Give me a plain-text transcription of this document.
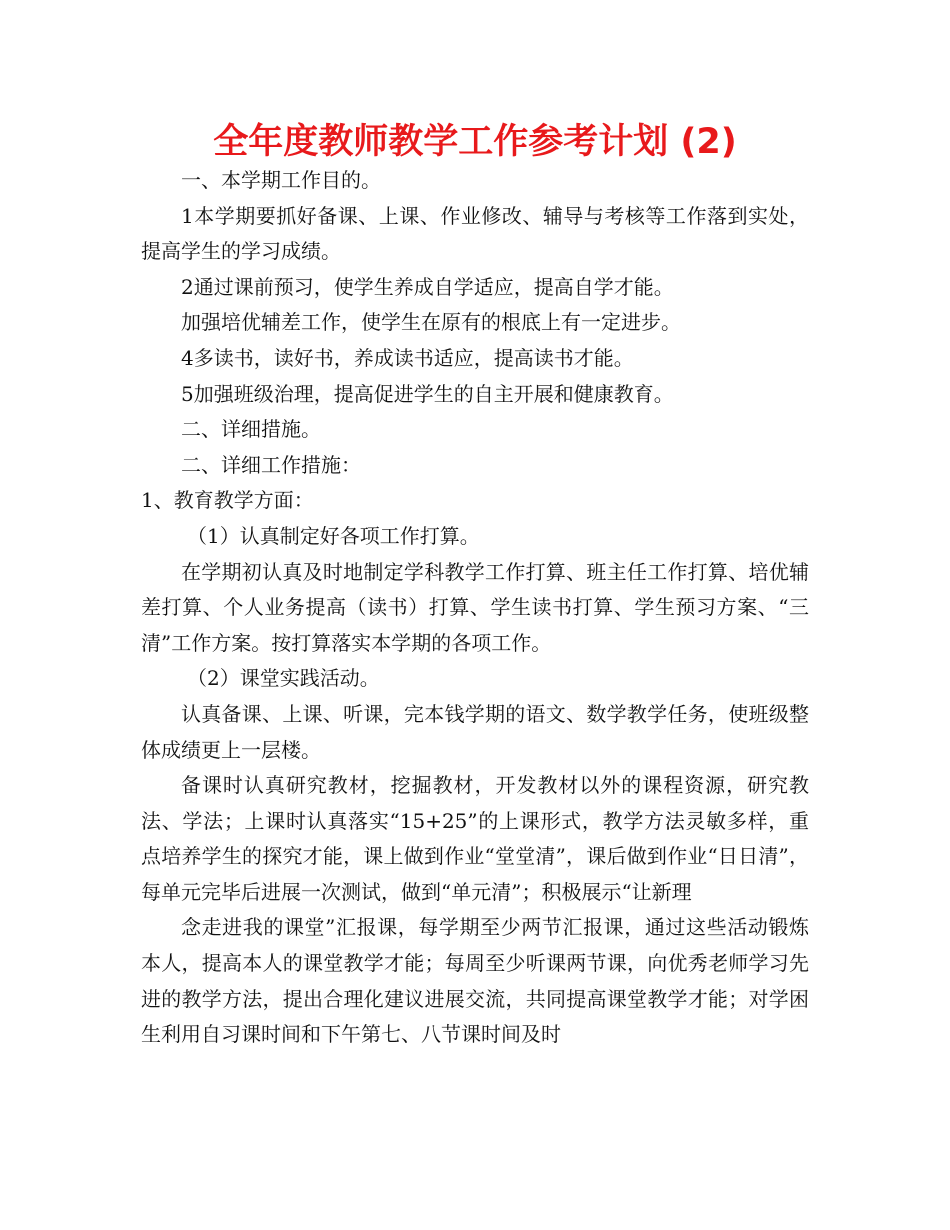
全年度教师教学工作参考计划 (2)

一、本学期工作目的。

1本学期要抓好备课、上课、作业修改、辅导与考核等工作落到实处，提高学生的学习成绩。

2通过课前预习，使学生养成自学适应，提高自学才能。

加强培优辅差工作，使学生在原有的根底上有一定进步。

4多读书，读好书，养成读书适应，提高读书才能。

5加强班级治理，提高促进学生的自主开展和健康教育。

二、详细措施。

二、详细工作措施：

1、教育教学方面：

（1）认真制定好各项工作打算。

在学期初认真及时地制定学科教学工作打算、班主任工作打算、培优辅差打算、个人业务提高（读书）打算、学生读书打算、学生预习方案、“三清”工作方案。按打算落实本学期的各项工作。

（2）课堂实践活动。

认真备课、上课、听课，完本钱学期的语文、数学教学任务，使班级整体成绩更上一层楼。

备课时认真研究教材，挖掘教材，开发教材以外的课程资源，研究教法、学法；上课时认真落实“15+25”的上课形式，教学方法灵敏多样，重点培养学生的探究才能，课上做到作业“堂堂清”，课后做到作业“日日清”，每单元完毕后进展一次测试，做到“单元清”；积极展示“让新理

念走进我的课堂”汇报课，每学期至少两节汇报课，通过这些活动锻炼本人，提高本人的课堂教学才能；每周至少听课两节课，向优秀老师学习先进的教学方法，提出合理化建议进展交流，共同提高课堂教学才能；对学困生利用自习课时间和下午第七、八节课时间及时
